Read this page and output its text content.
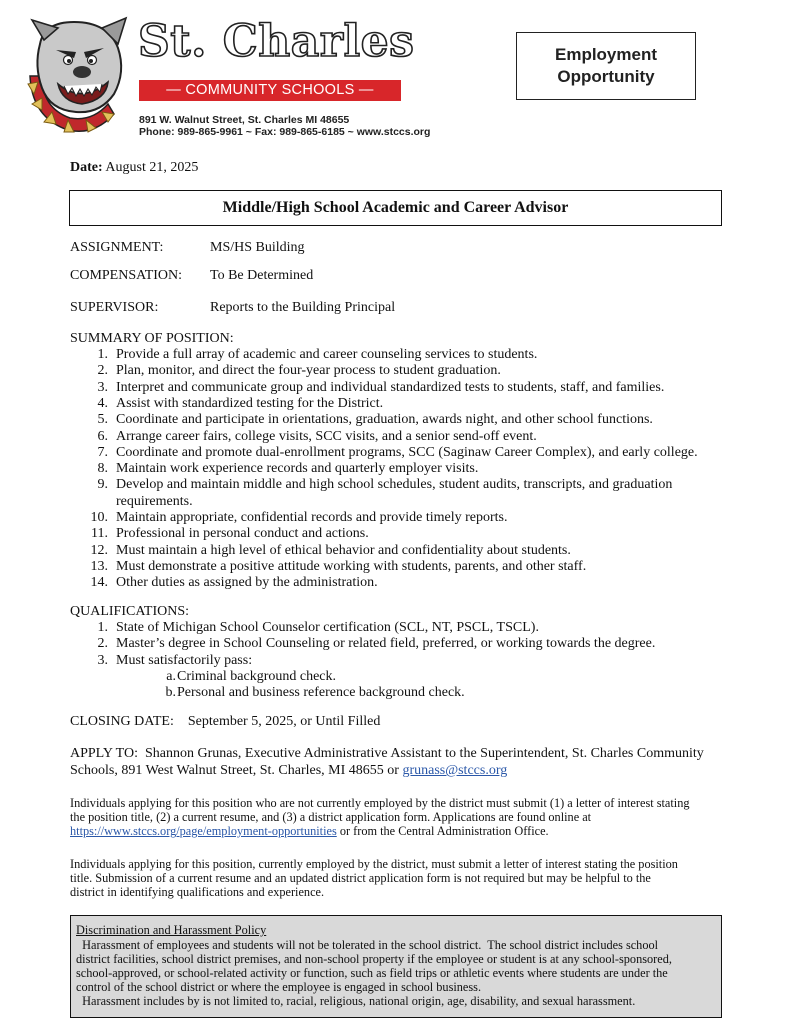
St. Charles
— COMMUNITY SCHOOLS —
891 W. Walnut Street, St. Charles MI 48655
Phone: 989-865-9961 ~ Fax: 989-865-6185 ~ www.stccs.org
Employment
Opportunity
Date: August 21, 2025
Middle/High School Academic and Career Advisor
ASSIGNMENT:	MS/HS Building
COMPENSATION: To Be Determined
SUPERVISOR:	Reports to the Building Principal
SUMMARY OF POSITION:
1. Provide a full array of academic and career counseling services to students.
2. Plan, monitor, and direct the four-year process to student graduation.
3. Interpret and communicate group and individual standardized tests to students, staff, and families.
4. Assist with standardized testing for the District.
5. Coordinate and participate in orientations, graduation, awards night, and other school functions.
6. Arrange career fairs, college visits, SCC visits, and a senior send-off event.
7. Coordinate and promote dual-enrollment programs, SCC (Saginaw Career Complex), and early college.
8. Maintain work experience records and quarterly employer visits.
9. Develop and maintain middle and high school schedules, student audits, transcripts, and graduation
requirements.
10. Maintain appropriate, confidential records and provide timely reports.
11. Professional in personal conduct and actions.
12. Must maintain a high level of ethical behavior and confidentiality about students.
13. Must demonstrate a positive attitude working with students, parents, and other staff.
14. Other duties as assigned by the administration.
QUALIFICATIONS:
1. State of Michigan School Counselor certification (SCL, NT, PSCL, TSCL).
2. Master’s degree in School Counseling or related field, preferred, or working towards the degree.
3. Must satisfactorily pass:
a. Criminal background check.
b. Personal and business reference background check.
CLOSING DATE: September 5, 2025, or Until Filled
APPLY TO: Shannon Grunas, Executive Administrative Assistant to the Superintendent, St. Charles Community
Schools, 891 West Walnut Street, St. Charles, MI 48655 or grunass@stccs.org
Individuals applying for this position who are not currently employed by the district must submit (1) a letter of interest stating
the position title, (2) a current resume, and (3) a district application form. Applications are found online at
https://www.stccs.org/page/employment-opportunities or from the Central Administration Office.
Individuals applying for this position, currently employed by the district, must submit a letter of interest stating the position
title. Submission of a current resume and an updated district application form is not required but may be helpful to the
district in identifying qualifications and experience.
Discrimination and Harassment Policy
Harassment of employees and students will not be tolerated in the school district.  The school district includes school
district facilities, school district premises, and non-school property if the employee or student is at any school-sponsored,
school-approved, or school-related activity or function, such as field trips or athletic events where students are under the
control of the school district or where the employee is engaged in school business.
Harassment includes by is not limited to, racial, religious, national origin, age, disability, and sexual harassment.
